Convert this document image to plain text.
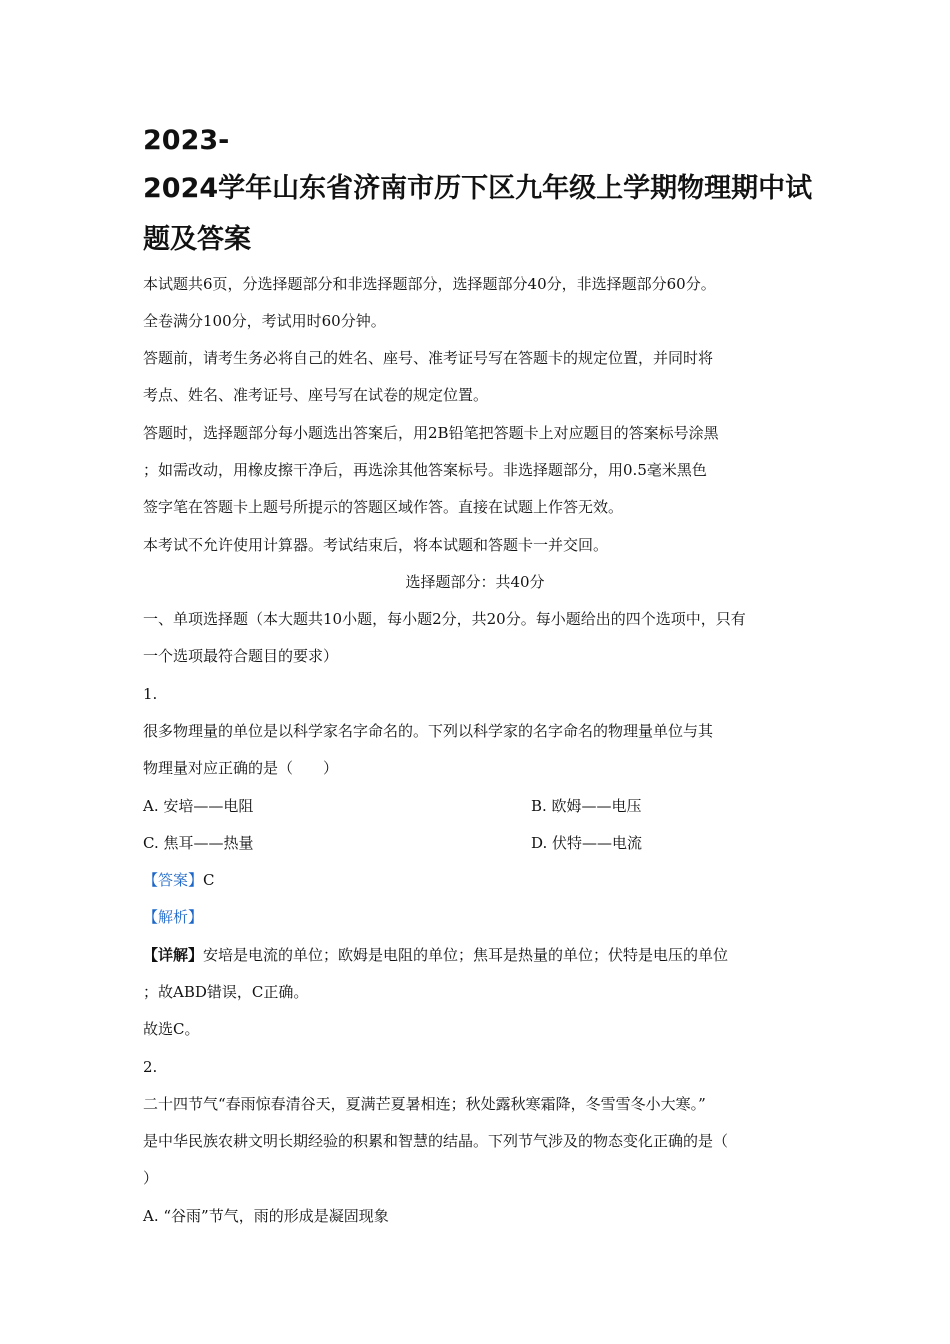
2023-
2024学年山东省济南市历下区九年级上学期物理期中试
题及答案
本试题共6页，分选择题部分和非选择题部分，选择题部分40分，非选择题部分60分。
全卷满分100分，考试用时60分钟。
答题前，请考生务必将自己的姓名、座号、准考证号写在答题卡的规定位置，并同时将
考点、姓名、准考证号、座号写在试卷的规定位置。
答题时，选择题部分每小题选出答案后，用2B铅笔把答题卡上对应题目的答案标号涂黑
；如需改动，用橡皮擦干净后，再选涂其他答案标号。非选择题部分，用0.5毫米黑色
签字笔在答题卡上题号所提示的答题区域作答。直接在试题上作答无效。
本考试不允许使用计算器。考试结束后，将本试题和答题卡一并交回。
选择题部分：共40分
一、单项选择题（本大题共10小题，每小题2分，共20分。每小题给出的四个选项中，只有
一个选项最符合题目的要求）
1.
很多物理量的单位是以科学家名字命名的。下列以科学家的名字命名的物理量单位与其
物理量对应正确的是（　　）
A. 安培——电阻	B. 欧姆——电压
C. 焦耳——热量	D. 伏特——电流
【答案】C
【解析】
【详解】安培是电流的单位；欧姆是电阻的单位；焦耳是热量的单位；伏特是电压的单位
；故ABD错误，C正确。
故选C。
2.
二十四节气“春雨惊春清谷天，夏满芒夏暑相连；秋处露秋寒霜降，冬雪雪冬小大寒。”
是中华民族农耕文明长期经验的积累和智慧的结晶。下列节气涉及的物态变化正确的是（
）
A. “谷雨”节气，雨的形成是凝固现象
